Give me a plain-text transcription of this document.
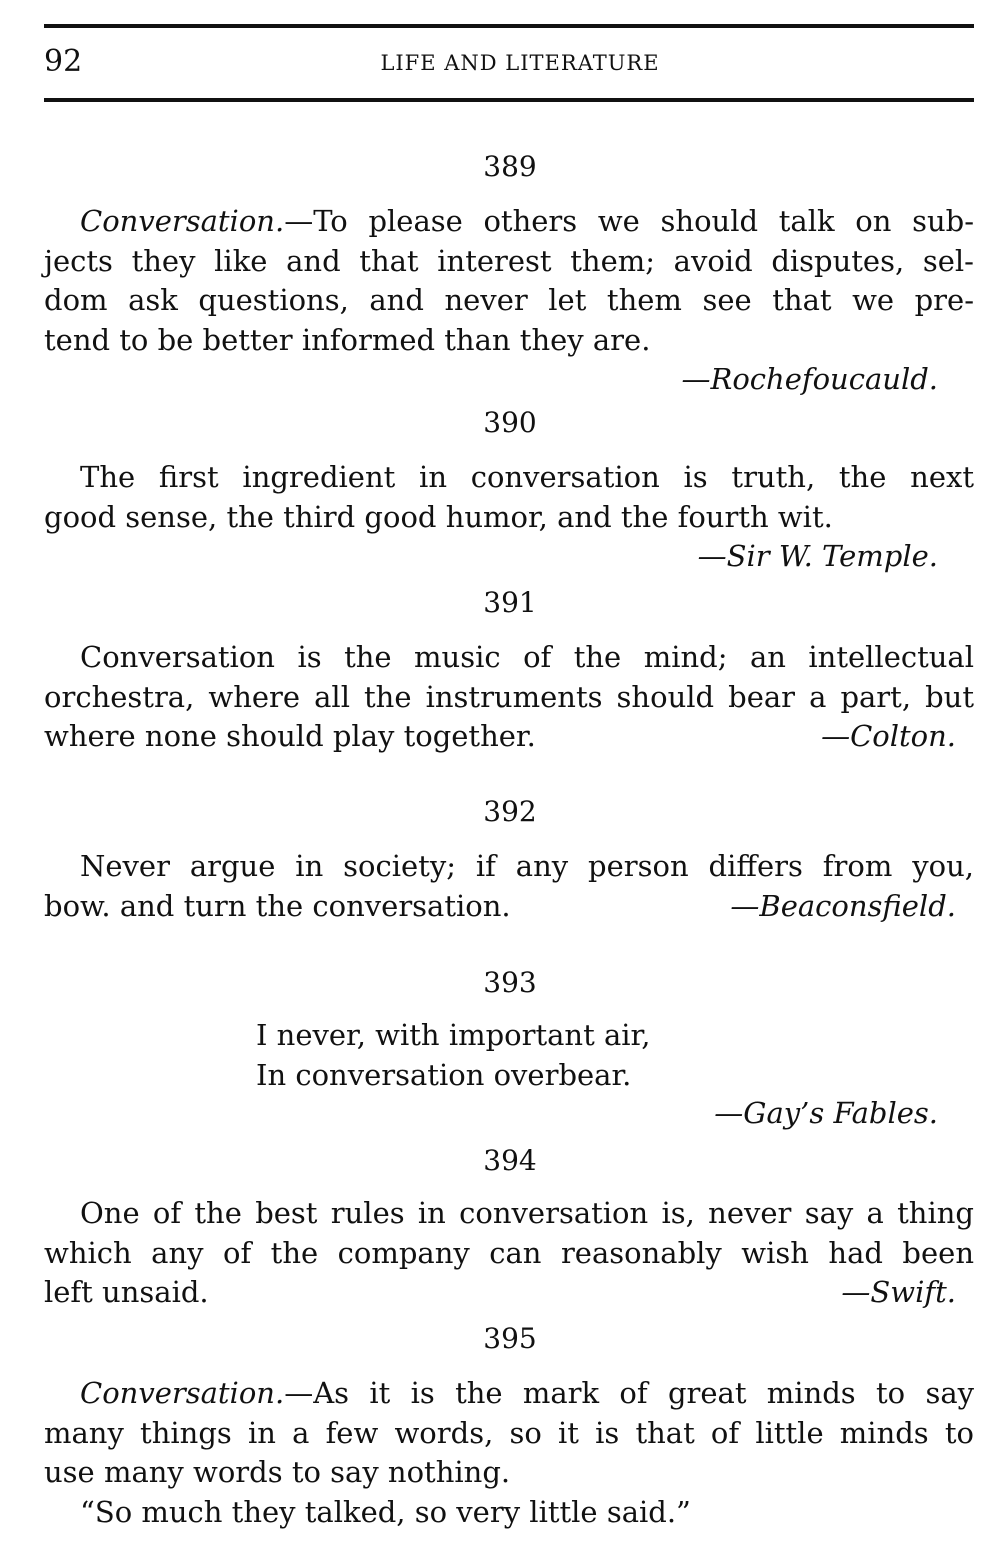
92	LIFE AND LITERATURE
389
Conversation.—To please others we should talk on sub-
jects they like and that interest them; avoid disputes, sel-
dom ask questions, and never let them see that we pre-
tend to be better informed than they are.
—Rochefoucauld.
390
The first ingredient in conversation is truth, the next
good sense, the third good humor, and the fourth wit.
—Sir W. Temple.
391
Conversation is the music of the mind; an intellectual
orchestra, where all the instruments should bear a part, but
where none should play together.	—Colton.
392
Never argue in society; if any person differs from you,
bow. and turn the conversation.	—Beaconsfield.
393
I never, with important air,
In conversation overbear.
—Gay’s Fables.
394
One of the best rules in conversation is, never say a thing
which any of the company can reasonably wish had been
left unsaid.	—Swift.
395
Conversation.—As it is the mark of great minds to say
many things in a few words, so it is that of little minds to
use many words to say nothing.
“So much they talked, so very little said.”
